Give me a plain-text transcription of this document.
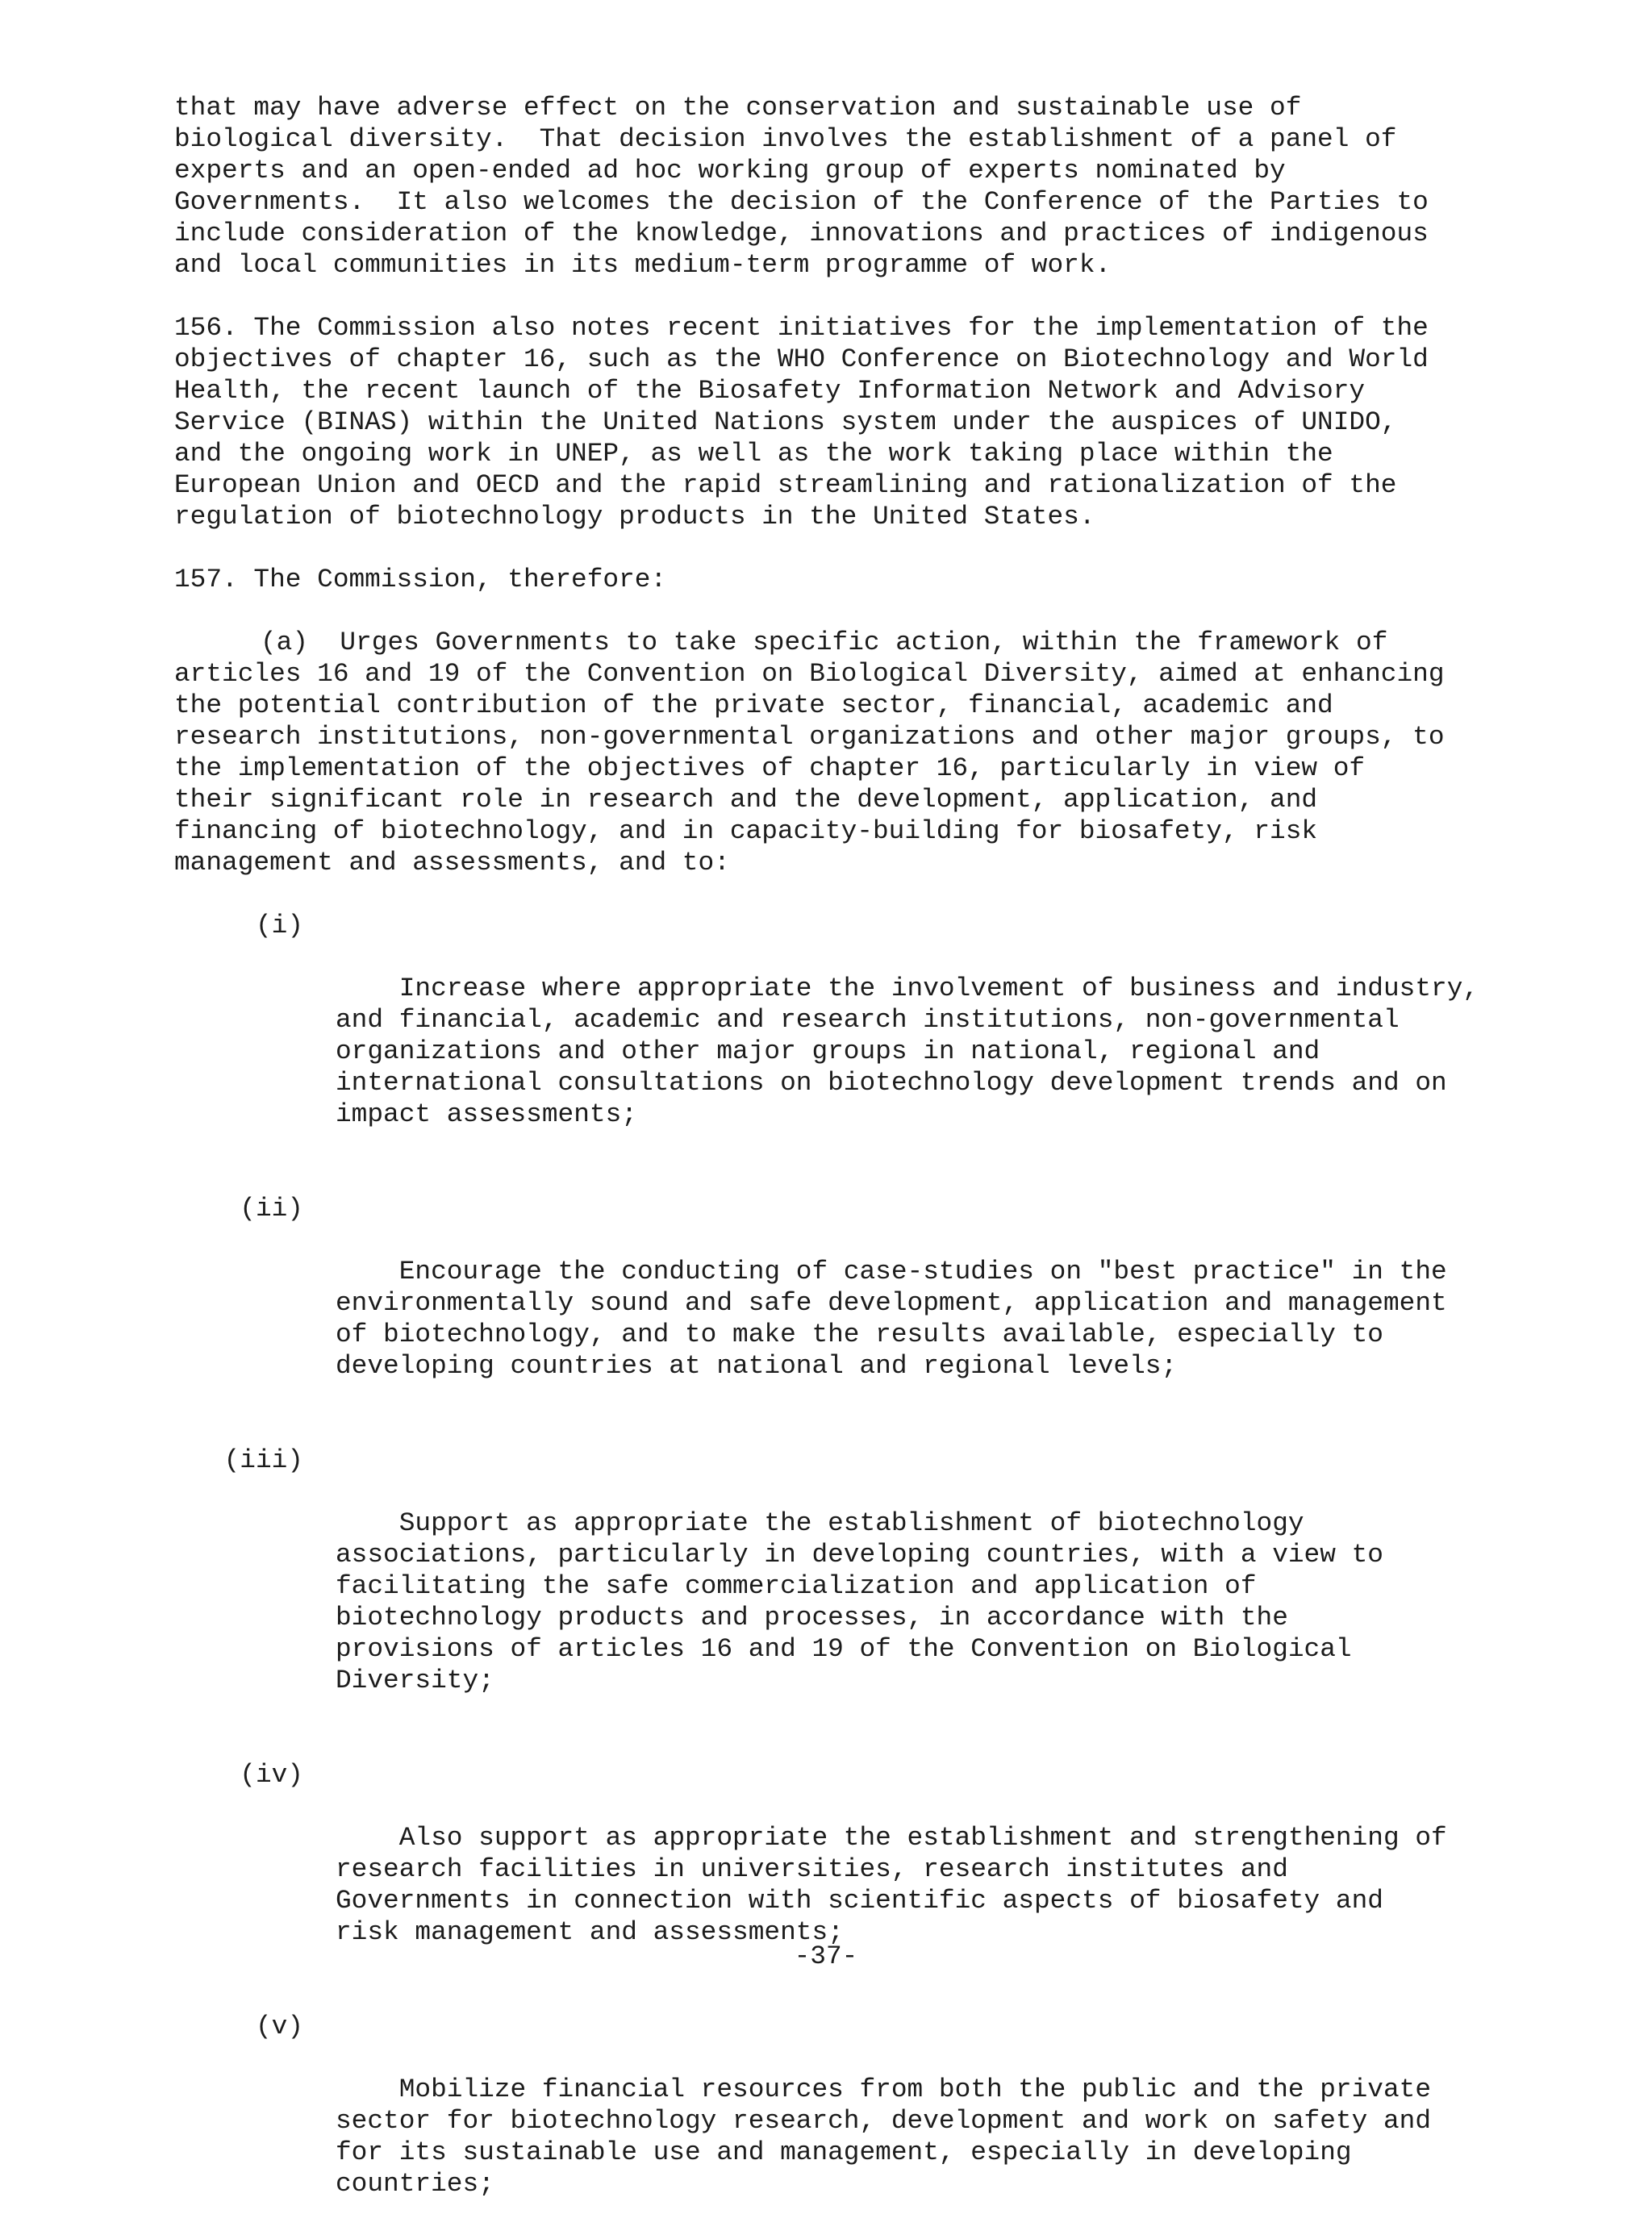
that may have adverse effect on the conservation and sustainable use of
biological diversity.  That decision involves the establishment of a panel of
experts and an open-ended ad hoc working group of experts nominated by
Governments.  It also welcomes the decision of the Conference of the Parties to
include consideration of the knowledge, innovations and practices of indigenous
and local communities in its medium-term programme of work.

156. The Commission also notes recent initiatives for the implementation of the
objectives of chapter 16, such as the WHO Conference on Biotechnology and World
Health, the recent launch of the Biosafety Information Network and Advisory
Service (BINAS) within the United Nations system under the auspices of UNIDO,
and the ongoing work in UNEP, as well as the work taking place within the
European Union and OECD and the rapid streamlining and rationalization of the
regulation of biotechnology products in the United States.

157. The Commission, therefore:

(a)  Urges Governments to take specific action, within the framework of
articles 16 and 19 of the Convention on Biological Diversity, aimed at enhancing
the potential contribution of the private sector, financial, academic and
research institutions, non-governmental organizations and other major groups, to
the implementation of the objectives of chapter 16, particularly in view of
their significant role in research and the development, application, and
financing of biotechnology, and in capacity-building for biosafety, risk
management and assessments, and to:

(i)

Increase where appropriate the involvement of business and industry,
and financial, academic and research institutions, non-governmental
organizations and other major groups in national, regional and
international consultations on biotechnology development trends and on
impact assessments;

(ii)

Encourage the conducting of case-studies on "best practice" in the
environmentally sound and safe development, application and management
of biotechnology, and to make the results available, especially to
developing countries at national and regional levels;

(iii)

Support as appropriate the establishment of biotechnology
associations, particularly in developing countries, with a view to
facilitating the safe commercialization and application of
biotechnology products and processes, in accordance with the
provisions of articles 16 and 19 of the Convention on Biological
Diversity;

(iv)

Also support as appropriate the establishment and strengthening of
research facilities in universities, research institutes and
Governments in connection with scientific aspects of biosafety and
risk management and assessments;

(v)

Mobilize financial resources from both the public and the private
sector for biotechnology research, development and work on safety and
for its sustainable use and management, especially in developing
countries;

-37-
